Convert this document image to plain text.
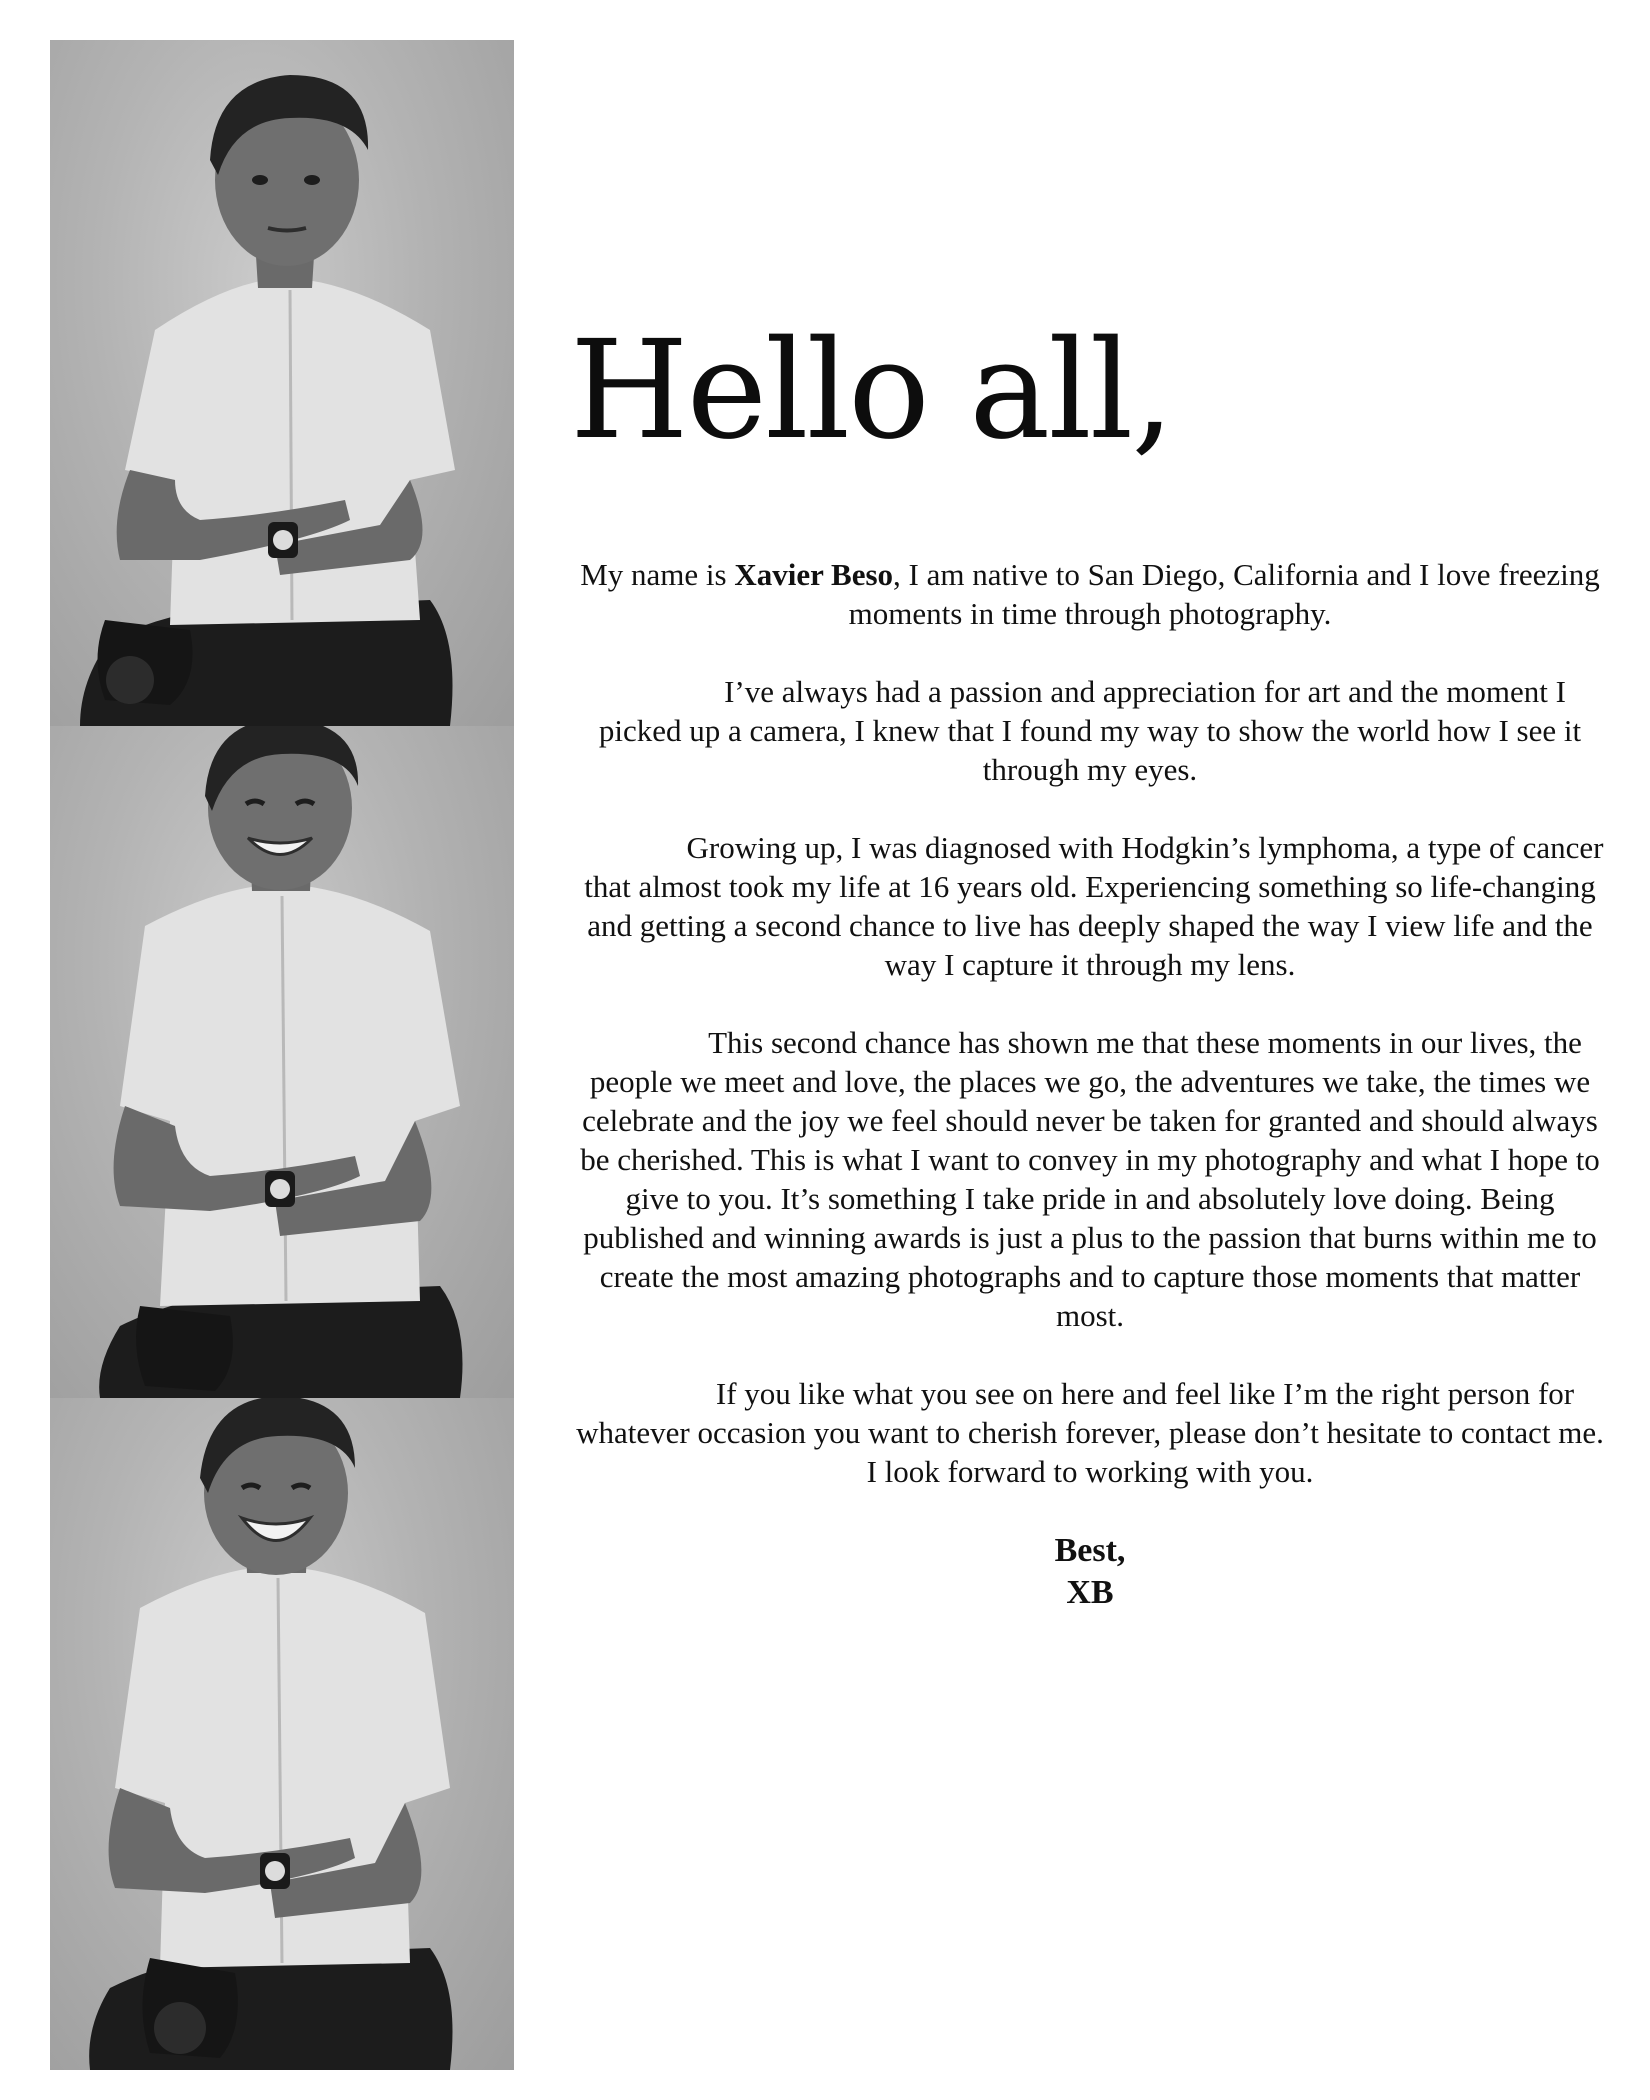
Hello all,

My name is Xavier Beso, I am native to San Diego, California and I love freezing moments in time through photography.

I’ve always had a passion and appreciation for art and the moment I picked up a camera, I knew that I found my way to show the world how I see it through my eyes.

Growing up, I was diagnosed with Hodgkin’s lymphoma, a type of cancer that almost took my life at 16 years old. Experiencing something so life-changing and getting a second chance to live has deeply shaped the way I view life and the way I capture it through my lens.

This second chance has shown me that these moments in our lives, the people we meet and love, the places we go, the adventures we take, the times we celebrate and the joy we feel should never be taken for granted and should always be cherished. This is what I want to convey in my photography and what I hope to give to you. It’s something I take pride in and absolutely love doing. Being published and winning awards is just a plus to the passion that burns within me to create the most amazing photographs and to capture those moments that matter most.

If you like what you see on here and feel like I’m the right person for whatever occasion you want to cherish forever, please don’t hesitate to contact me. I look forward to working with you.

Best,
XB
